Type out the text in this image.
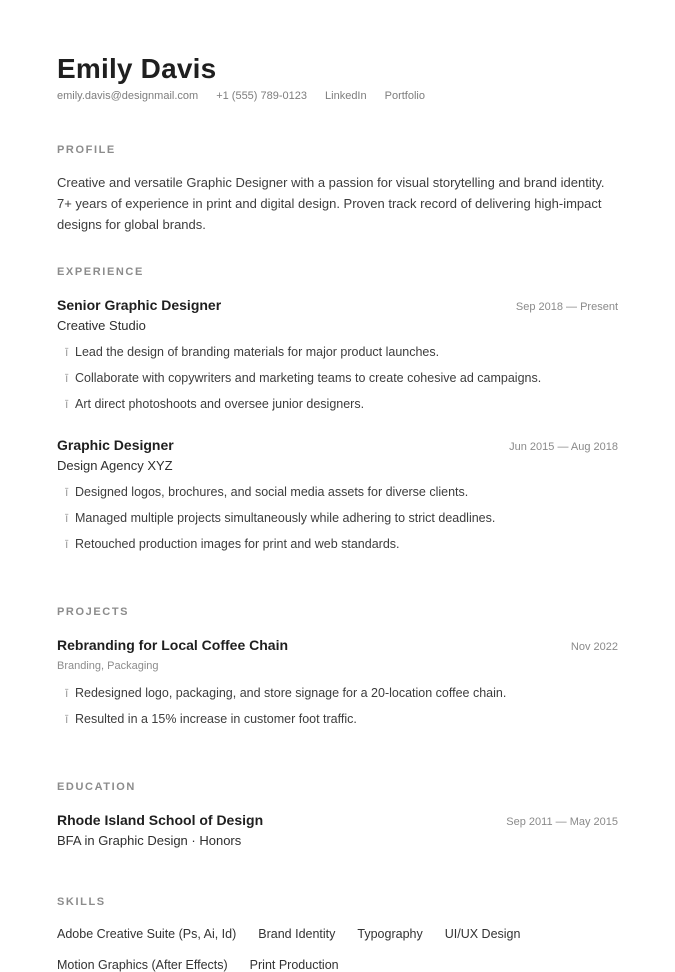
Emily Davis
emily.davis@designmail.com +1 (555) 789-0123 LinkedIn Portfolio
PROFILE
Creative and versatile Graphic Designer with a passion for visual storytelling and brand identity. 7+ years of experience in print and digital design. Proven track record of delivering high-impact designs for global brands.
EXPERIENCE
Senior Graphic Designer	Sep 2018 — Present
Creative Studio
ī Lead the design of branding materials for major product launches.
ī Collaborate with copywriters and marketing teams to create cohesive ad campaigns.
ī Art direct photoshoots and oversee junior designers.
Graphic Designer	Jun 2015 — Aug 2018
Design Agency XYZ
ī Designed logos, brochures, and social media assets for diverse clients.
ī Managed multiple projects simultaneously while adhering to strict deadlines.
ī Retouched production images for print and web standards.
PROJECTS
Rebranding for Local Coffee Chain	Nov 2022
Branding, Packaging
ī Redesigned logo, packaging, and store signage for a 20-location coffee chain.
ī Resulted in a 15% increase in customer foot traffic.
EDUCATION
Rhode Island School of Design	Sep 2011 — May 2015
BFA in Graphic Design · Honors
SKILLS
Adobe Creative Suite (Ps, Ai, Id) Brand Identity Typography UI/UX Design
Motion Graphics (After Effects) Print Production
